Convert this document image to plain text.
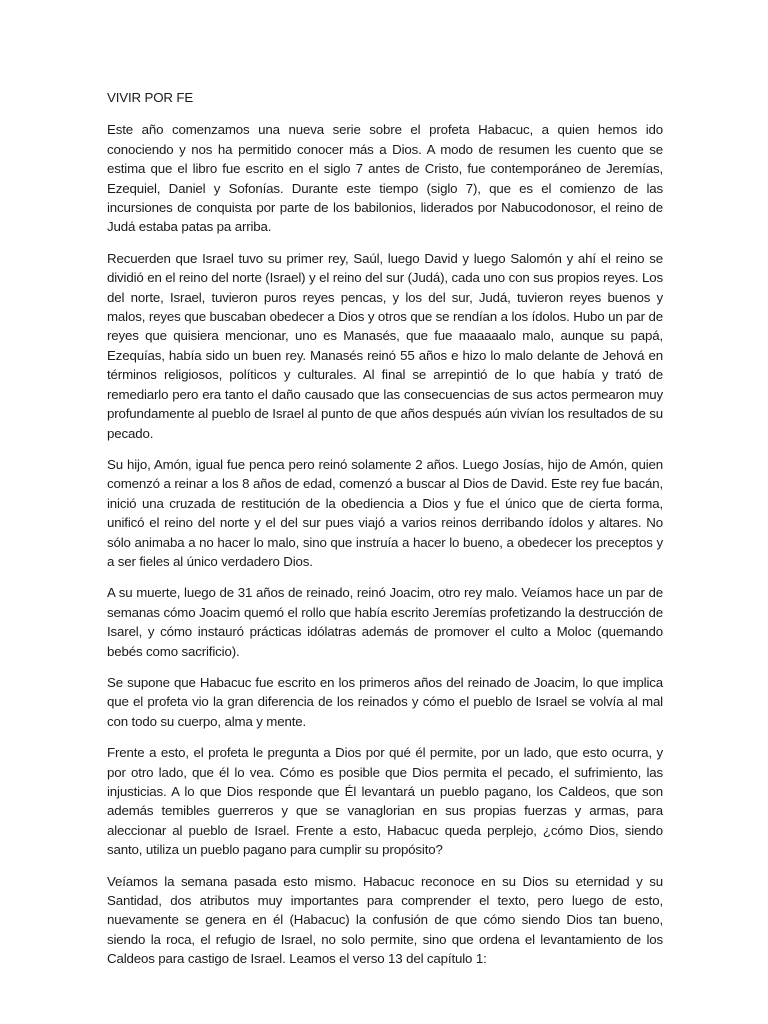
VIVIR POR FE

Este año comenzamos una nueva serie sobre el profeta Habacuc, a quien hemos ido conociendo y nos ha permitido conocer más a Dios. A modo de resumen les cuento que se estima que el libro fue escrito en el siglo 7 antes de Cristo, fue contemporáneo de Jeremías, Ezequiel, Daniel y Sofonías. Durante este tiempo (siglo 7), que es el comienzo de las incursiones de conquista por parte de los babilonios, liderados por Nabucodonosor, el reino de Judá estaba patas pa arriba.

Recuerden que Israel tuvo su primer rey, Saúl, luego David y luego Salomón y ahí el reino se dividió en el reino del norte (Israel) y el reino del sur (Judá), cada uno con sus propios reyes. Los del norte, Israel, tuvieron puros reyes pencas, y los del sur, Judá, tuvieron reyes buenos y malos, reyes que buscaban obedecer a Dios y otros que se rendían a los ídolos. Hubo un par de reyes que quisiera mencionar, uno es Manasés, que fue maaaaalo malo, aunque su papá, Ezequías, había sido un buen rey. Manasés reinó 55 años e hizo lo malo delante de Jehová en términos religiosos, políticos y culturales. Al final se arrepintió de lo que había y trató de remediarlo pero era tanto el daño causado que las consecuencias de sus actos permearon muy profundamente al pueblo de Israel al punto de que años después aún vivían los resultados de su pecado.

Su hijo, Amón, igual fue penca pero reinó solamente 2 años. Luego Josías, hijo de Amón, quien comenzó a reinar a los 8 años de edad, comenzó a buscar al Dios de David. Este rey fue bacán, inició una cruzada de restitución de la obediencia a Dios y fue el único que de cierta forma, unificó el reino del norte y el del sur pues viajó a varios reinos derribando ídolos y altares. No sólo animaba a no hacer lo malo, sino que instruía a hacer lo bueno, a obedecer los preceptos y a ser fieles al único verdadero Dios.

A su muerte, luego de 31 años de reinado, reinó Joacim, otro rey malo. Veíamos hace un par de semanas cómo Joacim quemó el rollo que había escrito Jeremías profetizando la destrucción de Isarel, y cómo instauró prácticas idólatras además de promover el culto a Moloc (quemando bebés como sacrificio).

Se supone que Habacuc fue escrito en los primeros años del reinado de Joacim, lo que implica que el profeta vio la gran diferencia de los reinados y cómo el pueblo de Israel se volvía al mal con todo su cuerpo, alma y mente.

Frente a esto, el profeta le pregunta a Dios por qué él permite, por un lado, que esto ocurra, y por otro lado, que él lo vea. Cómo es posible que Dios permita el pecado, el sufrimiento, las injusticias. A lo que Dios responde que Él levantará un pueblo pagano, los Caldeos, que son además temibles guerreros y que se vanaglorian en sus propias fuerzas y armas, para aleccionar al pueblo de Israel. Frente a esto, Habacuc queda perplejo, ¿cómo Dios, siendo santo, utiliza un pueblo pagano para cumplir su propósito?

Veíamos la semana pasada esto mismo. Habacuc reconoce en su Dios su eternidad y su Santidad, dos atributos muy importantes para comprender el texto, pero luego de esto, nuevamente se genera en él (Habacuc) la confusión de que cómo siendo Dios tan bueno, siendo la roca, el refugio de Israel, no solo permite, sino que ordena el levantamiento de los Caldeos para castigo de Israel. Leamos el verso 13 del capítulo 1:
